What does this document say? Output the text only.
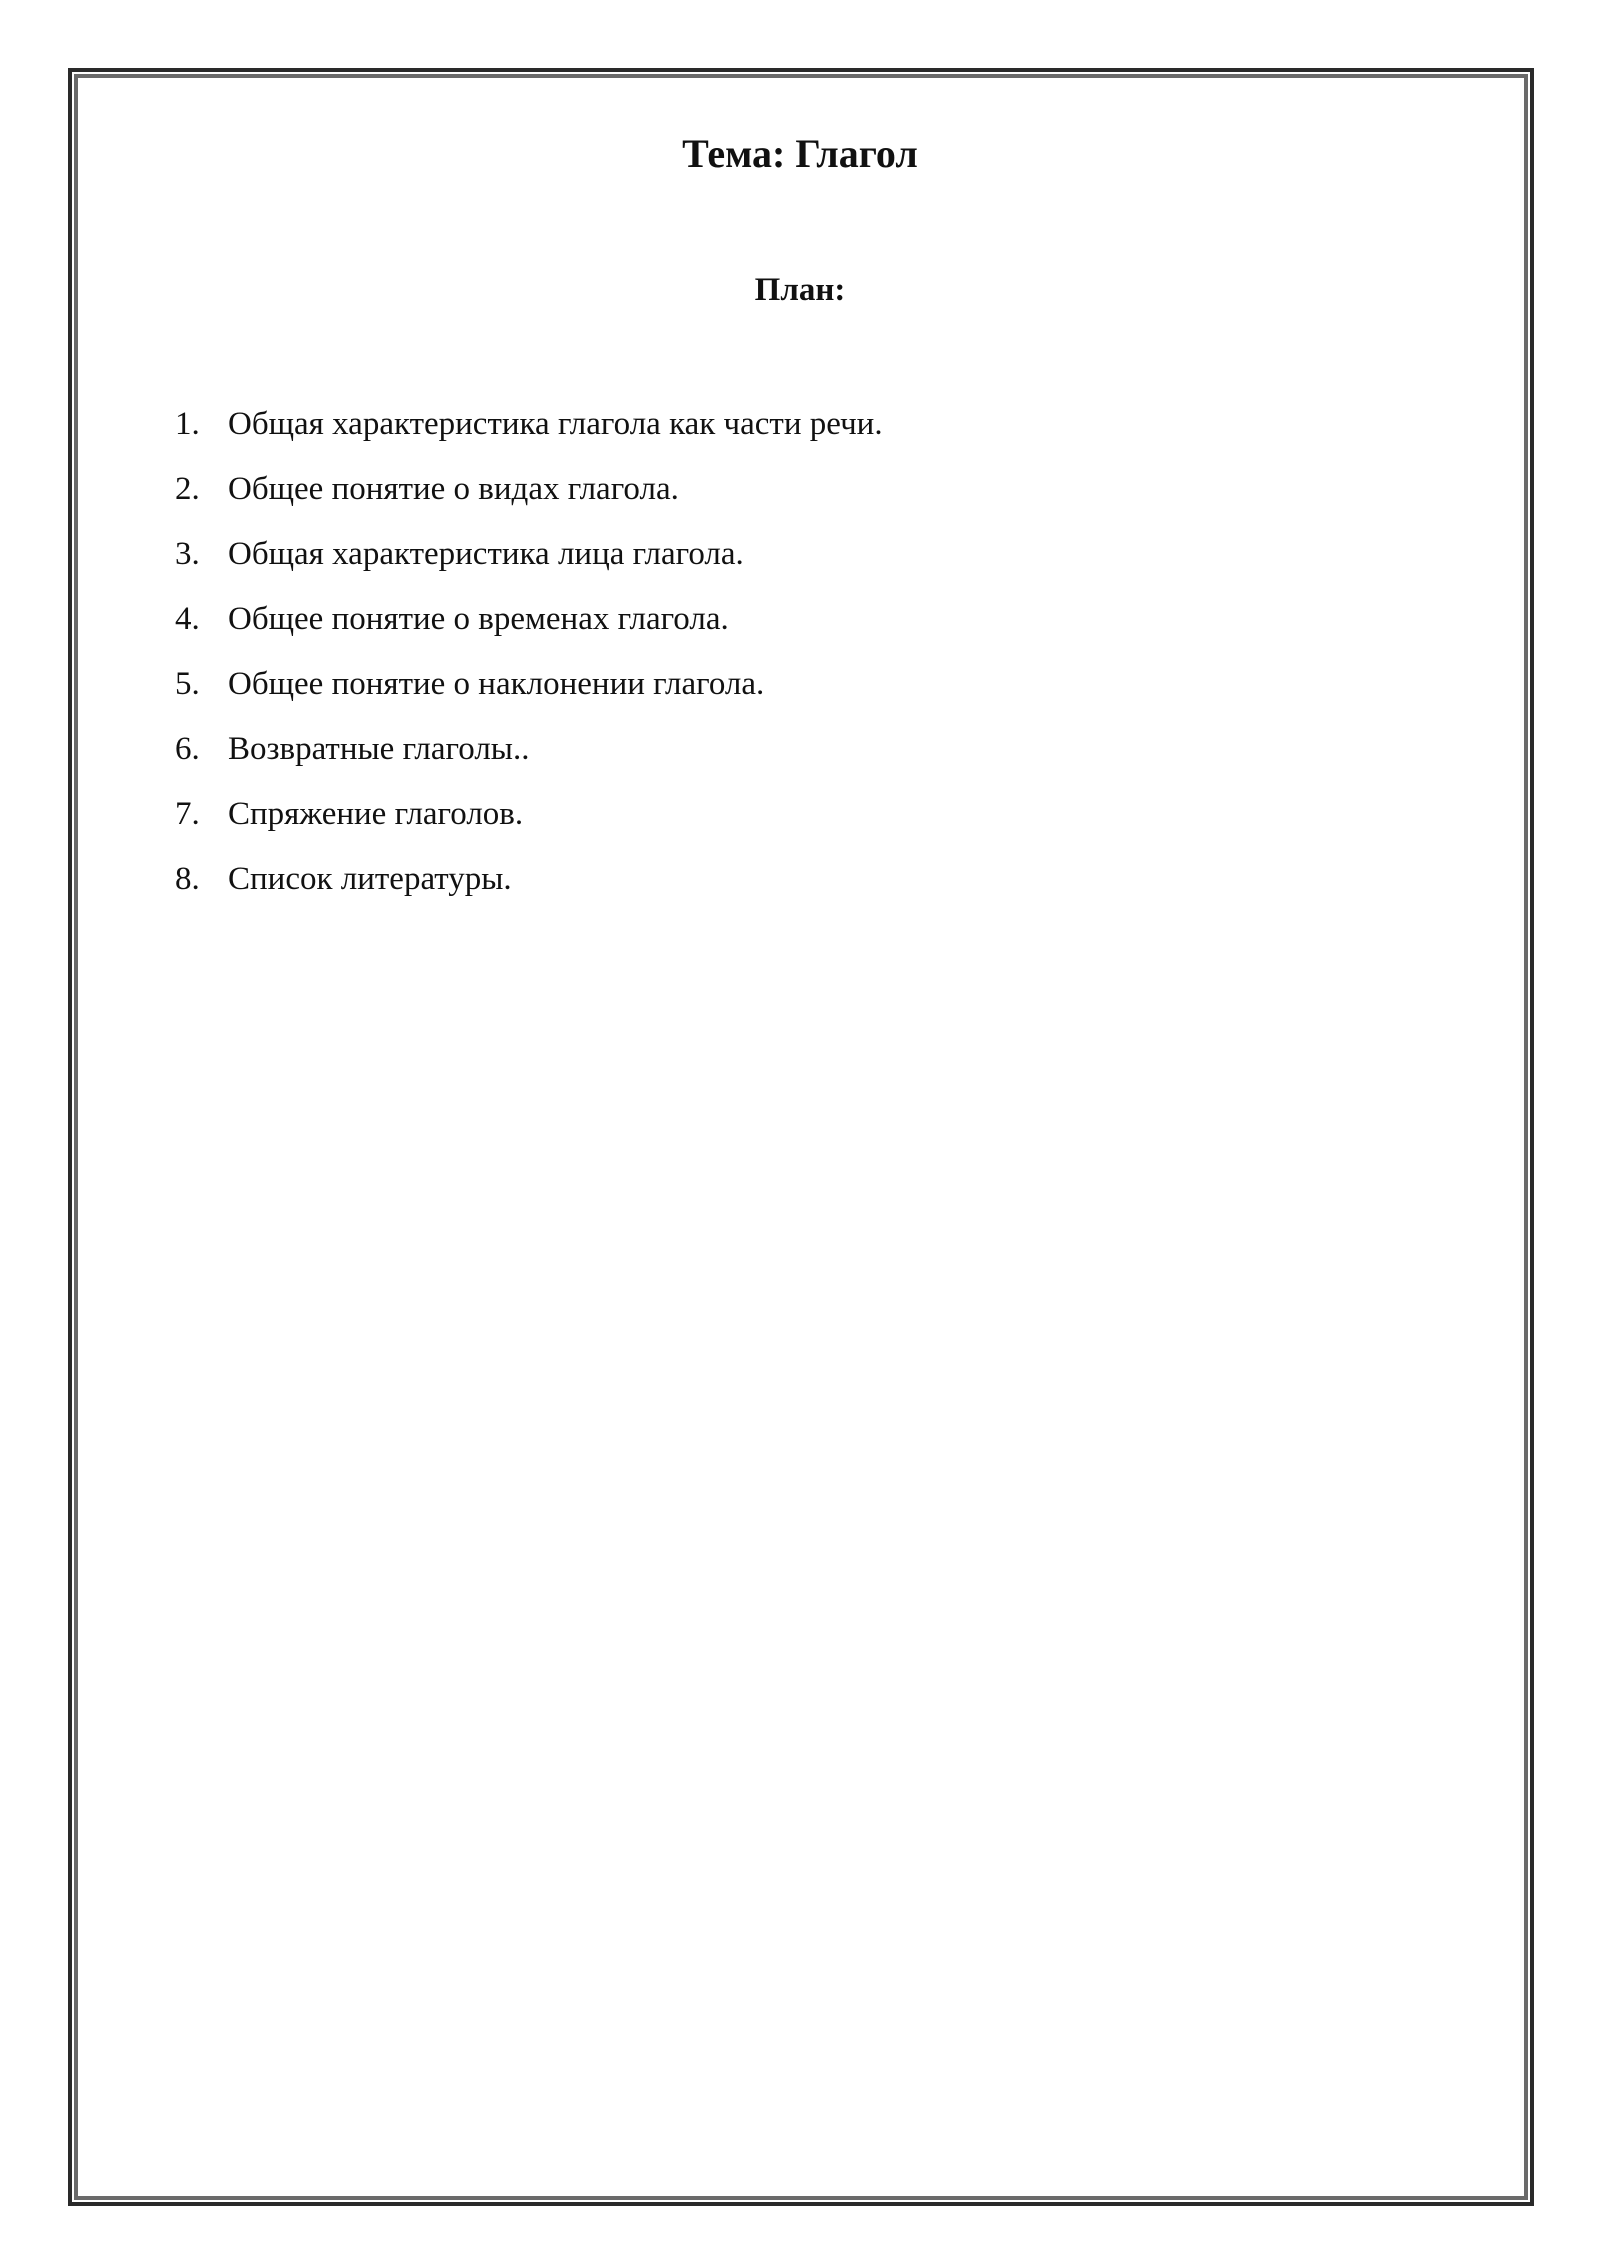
Тема: Глагол
План:
1. Общая характеристика глагола как части речи.
2. Общее понятие о видах глагола.
3. Общая характеристика лица глагола.
4. Общее понятие о временах глагола.
5. Общее понятие о наклонении глагола.
6. Возвратные глаголы..
7. Спряжение глаголов.
8. Список литературы.
